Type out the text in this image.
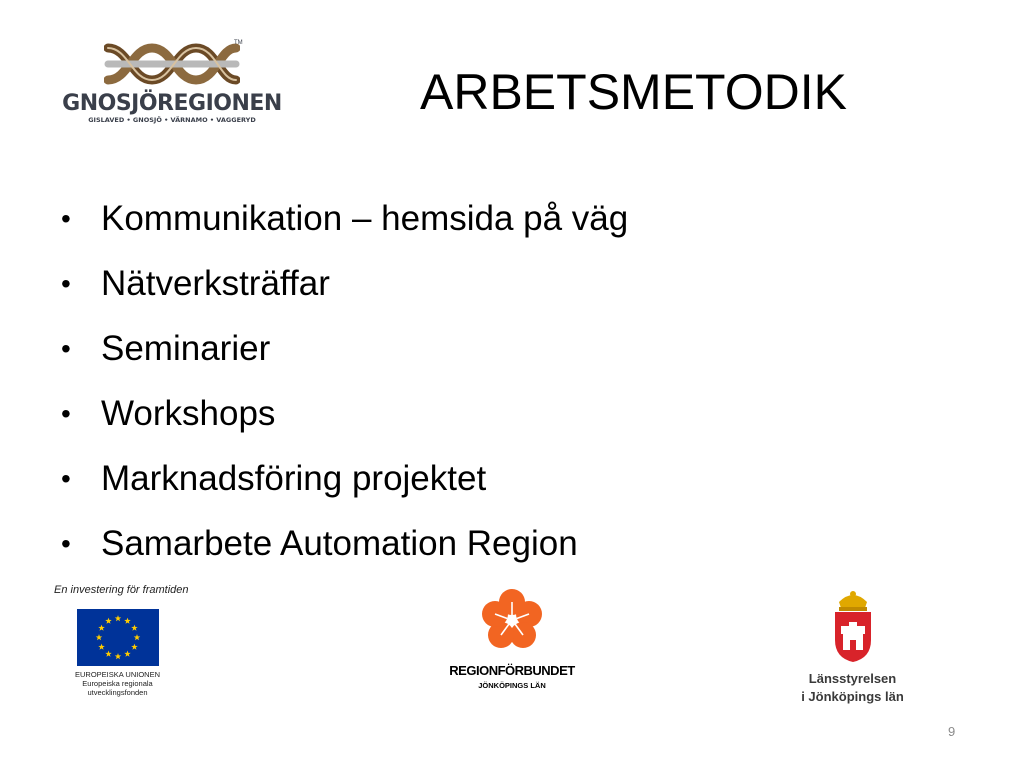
TM
GNOSJÖREGIONEN
GISLAVED • GNOSJÖ • VÄRNAMO • VAGGERYD	ARBETSMETODIK
• Kommunikation – hemsida på väg
• Nätverksträffar
• Seminarier
• Workshops
• Marknadsföring projektet
• Samarbete Automation Region
En investering för framtiden
EUROPEISKA UNIONEN
Europeiska regionala
utvecklingsfonden
REGIONFÖRBUNDET
JÖNKÖPINGS LÄN	Länsstyrelsen
i Jönköpings län
9
